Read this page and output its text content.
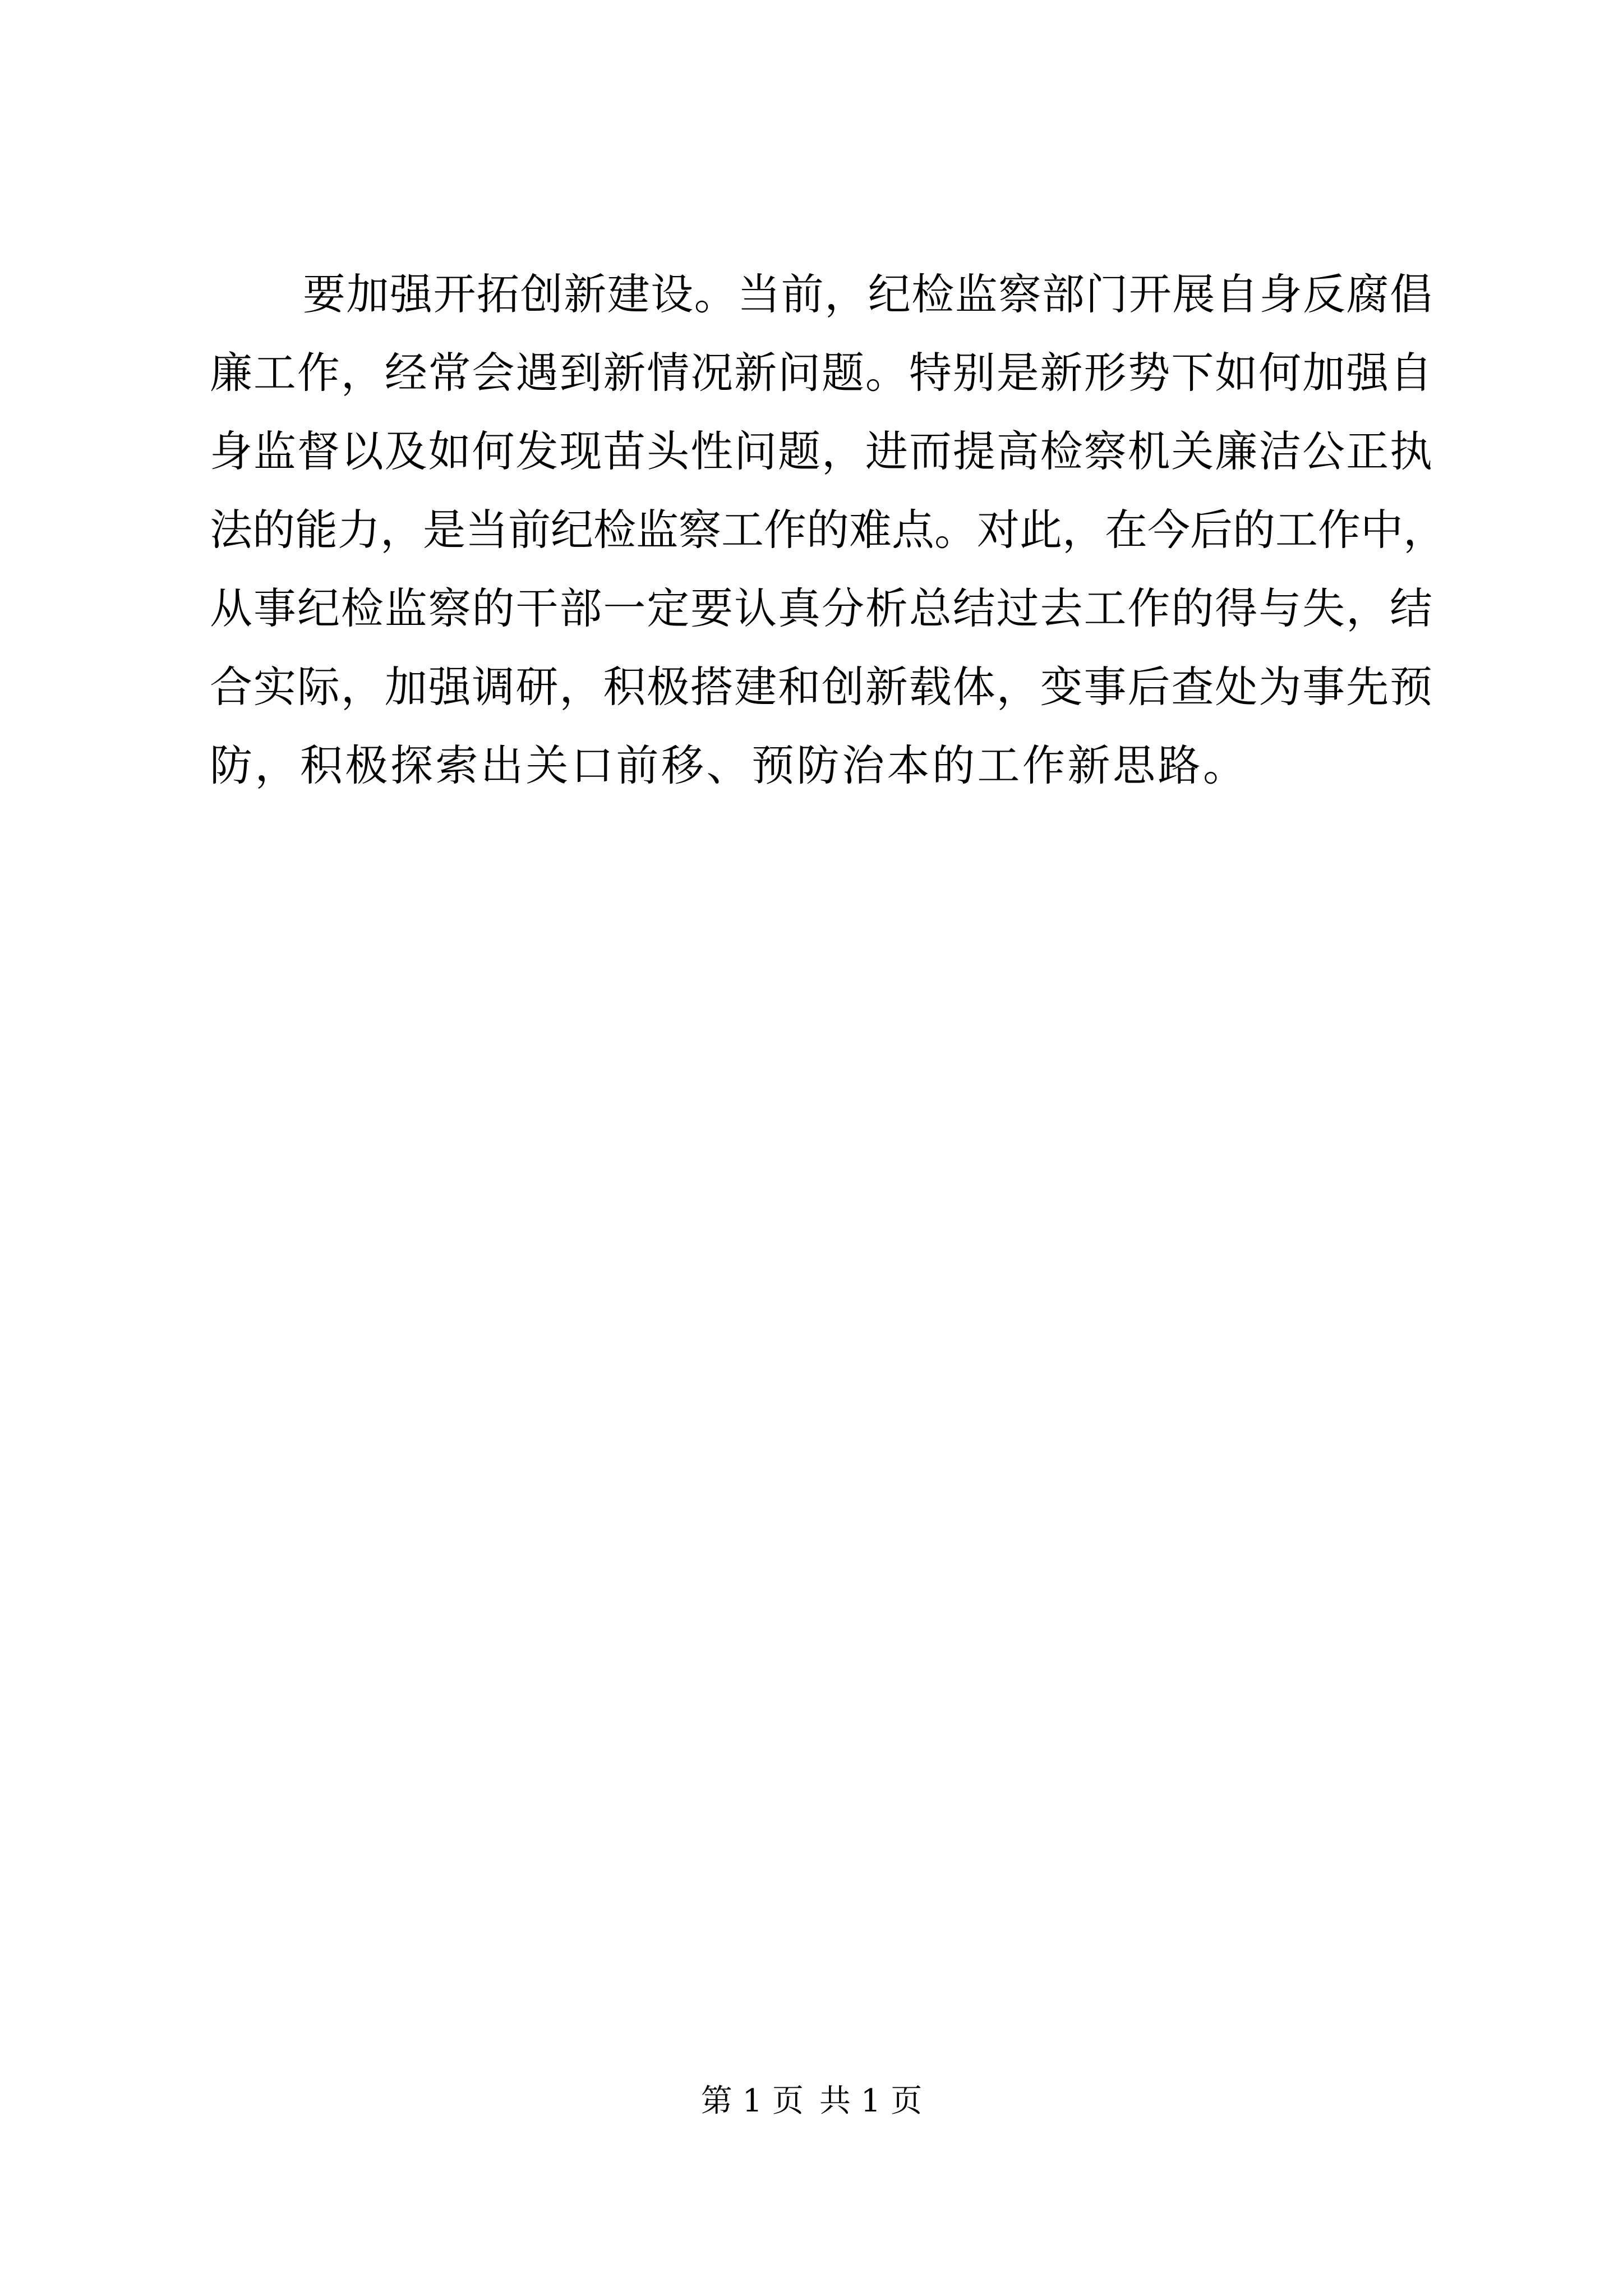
要加强开拓创新建设。当前，纪检监察部门开展自身反腐倡
廉工作，经常会遇到新情况新问题。特别是新形势下如何加强自
身监督以及如何发现苗头性问题，进而提高检察机关廉洁公正执
法的能力，是当前纪检监察工作的难点。对此，在今后的工作中，
从事纪检监察的干部一定要认真分析总结过去工作的得与失，结
合实际，加强调研，积极搭建和创新载体，变事后查处为事先预
防，积极探索出关口前移、预防治本的工作新思路。
第 1 页 共 1 页
